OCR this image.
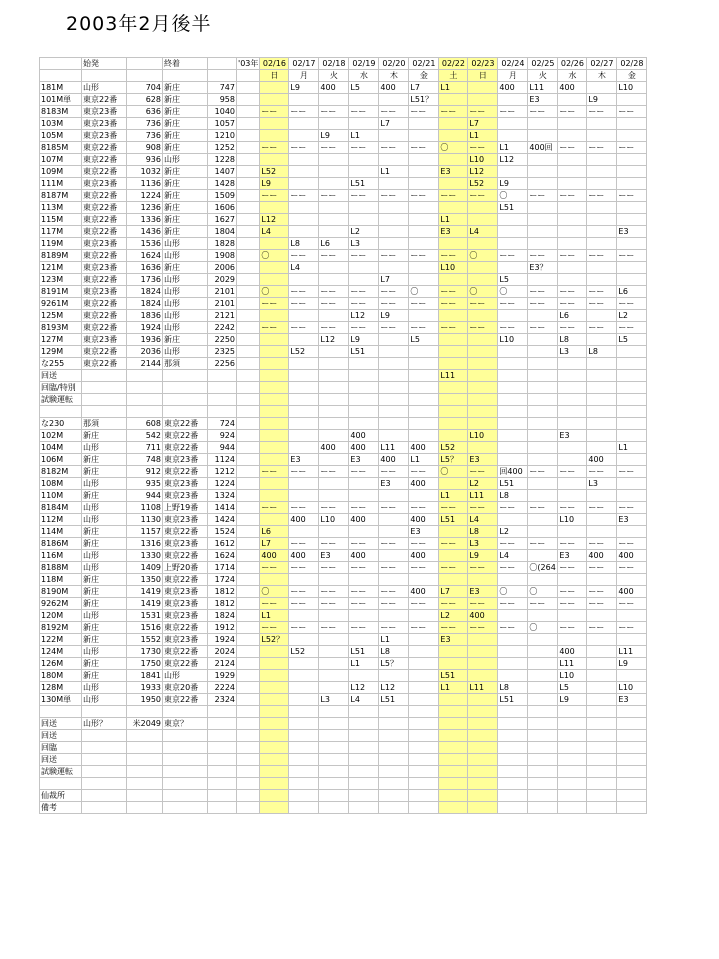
2003年2月後半
	始発		終着		'03年	02/16	02/17	02/18	02/19	02/20	02/21	02/22	02/23	02/24	02/25	02/26	02/27	02/28
						日	月	火	水	木	金	土	日	月	火	水	木	金
181M	山形	704	新庄	747			L9	400	L5	400	L7	L1		400	L11	400		L10
101M単	東京22番	628	新庄	958							L51？				E3		L9	
8183M	東京23番	636	新庄	1040		ーー	ーー	ーー	ーー	ーー	ーー	ーー	ーー	ーー	ーー	ーー	ーー	ーー
103M	東京23番	736	新庄	1057						L7			L7					
105M	東京23番	736	新庄	1210				L9	L1				L1					
8185M	東京22番	908	新庄	1252		ーー	ーー	ーー	ーー	ーー	ーー	〇	ーー	L1	400回	ーー	ーー	ーー
107M	東京22番	936	山形	1228									L10	L12				
109M	東京22番	1032	新庄	1407		L52				L1		E3	L12					
111M	東京23番	1136	新庄	1428		L9			L51				L52	L9				
8187M	東京22番	1224	新庄	1509		ーー	ーー	ーー	ーー	ーー	ーー	ーー	ーー	〇	ーー	ーー	ーー	ーー
113M	東京22番	1236	新庄	1606										L51				
115M	東京22番	1336	新庄	1627		L12						L1						
117M	東京22番	1436	新庄	1804		L4			L2			E3	L4					E3
119M	東京23番	1536	山形	1828			L8	L6	L3									
8189M	東京22番	1624	山形	1908		〇	ーー	ーー	ーー	ーー	ーー	ーー	〇	ーー	ーー	ーー	ーー	ーー
121M	東京23番	1636	新庄	2006			L4					L10			E3？			
123M	東京22番	1736	山形	2029						L7				L5				
8191M	東京23番	1824	山形	2101		〇	ーー	ーー	ーー	ーー	〇	ーー	〇	〇	ーー	ーー	ーー	L6
9261M	東京22番	1824	山形	2101		ーー	ーー	ーー	ーー	ーー	ーー	ーー	ーー	ーー	ーー	ーー	ーー	ーー
125M	東京22番	1836	山形	2121					L12	L9						L6		L2
8193M	東京22番	1924	山形	2242		ーー	ーー	ーー	ーー	ーー	ーー	ーー	ーー	ーー	ーー	ーー	ーー	ーー
127M	東京23番	1936	新庄	2250				L12	L9		L5			L10		L8		L5
129M	東京22番	2036	山形	2325			L52		L51							L3	L8	
な255	東京22番	2144	那須	2256														
回送												L11						
回臨/特別																		
試験運転																		

な230	那須	608	東京22番	724														
102M	新庄	542	東京22番	924					400				L10			E3		
104M	山形	711	東京22番	944				400	400	L11	400	L52						L1
106M	新庄	748	東京23番	1124			E3		E3	400	L1	L5？	E3				400	
8182M	新庄	912	東京22番	1212		ーー	ーー	ーー	ーー	ーー	ーー	〇	ーー	回400	ーー	ーー	ーー	ーー
108M	山形	935	東京23番	1224						E3	400		L2	L51			L3	
110M	新庄	944	東京23番	1324								L1	L11	L8				
8184M	山形	1108	上野19番	1414		ーー	ーー	ーー	ーー	ーー	ーー	ーー	ーー	ーー	ーー	ーー	ーー	ーー
112M	山形	1130	東京23番	1424			400	L10	400		400	L51	L4			L10		E3
114M	新庄	1157	東京22番	1524		L6					E3		L8	L2				
8186M	新庄	1316	東京23番	1612		L7	ーー	ーー	ーー	ーー	ーー	ーー	L3	ーー	ーー	ーー	ーー	ーー
116M	山形	1330	東京22番	1624		400	400	E3	400		400		L9	L4		E3	400	400
8188M	山形	1409	上野20番	1714		ーー	ーー	ーー	ーー	ーー	ーー	ーー	ーー	ーー	〇(264	ーー	ーー	ーー
118M	新庄	1350	東京22番	1724														
8190M	新庄	1419	東京23番	1812		〇	ーー	ーー	ーー	ーー	400	L7	E3	〇	〇	ーー	ーー	400
9262M	新庄	1419	東京23番	1812		ーー	ーー	ーー	ーー	ーー	ーー	ーー	ーー	ーー	ーー	ーー	ーー	ーー
120M	山形	1531	東京23番	1824		L1						L2	400					
8192M	新庄	1516	東京22番	1912		ーー	ーー	ーー	ーー	ーー	ーー	ーー	ーー	ーー	〇	ーー	ーー	ーー
122M	新庄	1552	東京23番	1924		L52？				L1		E3						
124M	山形	1730	東京22番	2024			L52		L51	L8						400		L11
126M	新庄	1750	東京22番	2124					L1	L5？						L11		L9
180M	新庄	1841	山形	1929								L51				L10		
128M	山形	1933	東京20番	2224					L12	L12		L1	L11	L8		L5		L10
130M単	山形	1950	東京22番	2324				L3	L4	L51				L51		L9		E3

回送	山形？	米2049	東京？															
回送																		
回臨																		
回送																		
試験運転																		

仙裁所																		
備考																		
